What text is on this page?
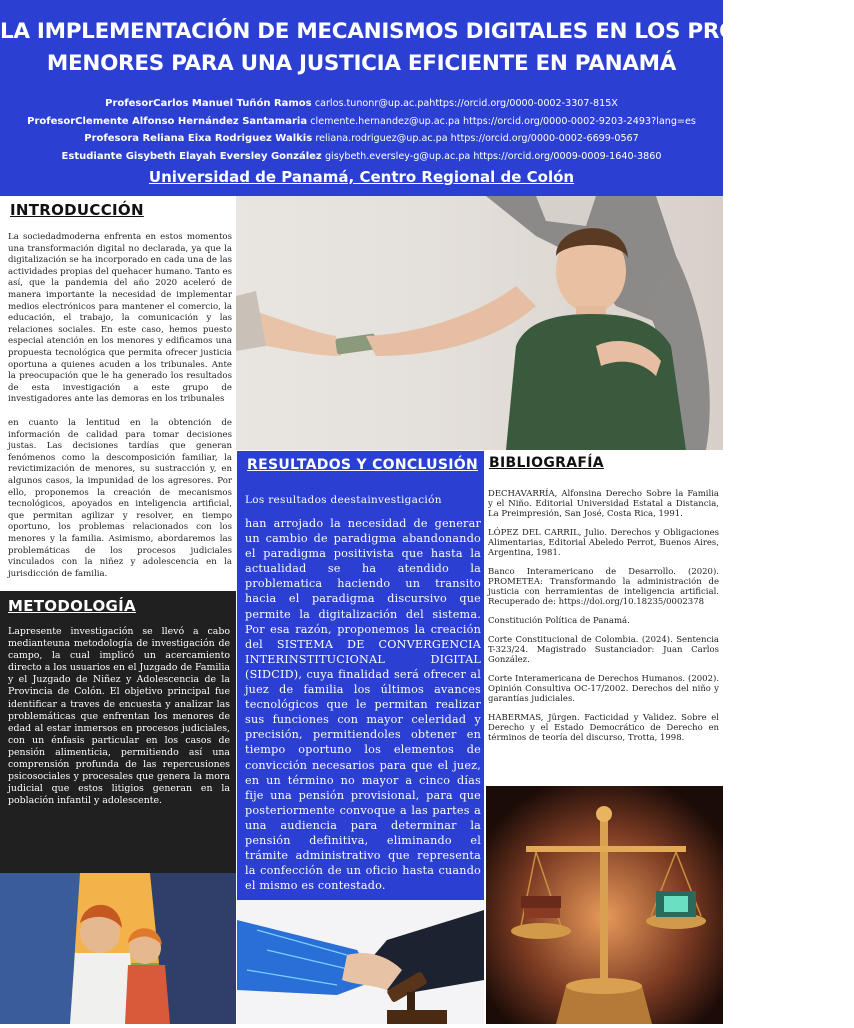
LA IMPLEMENTACIÓN DE MECANISMOS DIGITALES EN LOS PROCESOS DE
MENORES PARA UNA JUSTICIA EFICIENTE EN PANAMÁ
ProfesorCarlos Manuel Tuñón Ramos carlos.tunonr@up.ac.pahttps://orcid.org/0000-0002-3307-815X
ProfesorClemente Alfonso Hernández Santamaria clemente.hernandez@up.ac.pa https://orcid.org/0000-0002-9203-2493?lang=es
Profesora Reliana Eixa Rodriguez Walkis reliana.rodriguez@up.ac.pa https://orcid.org/0000-0002-6699-0567
Estudiante Gisybeth Elayah Eversley González gisybeth.eversley-g@up.ac.pa https://orcid.org/0009-0009-1640-3860
Universidad de Panamá, Centro Regional de Colón
INTRODUCCIÓN
La sociedadmoderna enfrenta en estos momentos una transformación digital no declarada, ya que la digitalización se ha incorporado en cada una de las actividades propias del quehacer humano. Tanto es así, que la pandemia del año 2020 aceleró de manera importante la necesidad de implementar medios electrónicos para mantener el comercio, la educación, el trabajo, la comunicación y las relaciones sociales. En este caso, hemos puesto especial atención en los menores y edificamos una propuesta tecnológica que permita ofrecer justicia oportuna a quienes acuden a los tribunales. Ante la preocupación que le ha generado los resultados de esta investigación a este grupo de investigadores ante las demoras en los tribunales
en cuanto la lentitud en la obtención de información de calidad para tomar decisiones justas. Las decisiones tardías que generan fenómenos como la descomposición familiar, la revictimización de menores, su sustracción y, en algunos casos, la impunidad de los agresores. Por ello, proponemos la creación de mecanismos tecnológicos, apoyados en inteligencia artificial, que permitan agilizar y resolver, en tiempo oportuno, los problemas relacionados con los menores y la familia. Asimismo, abordaremos las problemáticas de los procesos judiciales vinculados con la niñez y adolescencia en la jurisdicción de familia.
METODOLOGÍA
Lapresente investigación se llevó a cabo medianteuna metodología de investigación de campo, la cual implicó un acercamiento directo a los usuarios en el Juzgado de Familia y el Juzgado de Niñez y Adolescencia de la Provincia de Colón. El objetivo principal fue identificar a traves de encuesta y analizar las problemáticas que enfrentan los menores de edad al estar inmersos en procesos judiciales, con un énfasis particular en los casos de pensión alimenticia, permitiendo así una comprensión profunda de las repercusiones psicosociales y procesales que genera la mora judicial que estos litigios generan en la población infantil y adolescente.
RESULTADOS Y CONCLUSIÓN
Los resultados deestainvestigación
han arrojado la necesidad de generar un cambio de paradigma abandonando el paradigma positivista que hasta la actualidad se ha atendido la problematica haciendo un transito hacia el paradigma discursivo que permite la digitalización del sistema. Por esa razón, proponemos la creación del SISTEMA DE CONVERGENCIA INTERINSTITUCIONAL DIGITAL (SIDCID), cuya finalidad será ofrecer al juez de familia los últimos avances tecnológicos que le permitan realizar sus funciones con mayor celeridad y precisión, permitiendoles obtener en tiempo oportuno los elementos de convicción necesarios para que el juez, en un término no mayor a cinco días fije una pensión provisional, para que posteriormente convoque a las partes a una audiencia para determinar la pensión definitiva, eliminando el trámite administrativo que representa la confección de un oficio hasta cuando el mismo es contestado.
BIBLIOGRAFÍA

DECHAVARRÍA, Alfonsina Derecho Sobre la Familia y el Niño. Editorial Universidad Estatal a Distancia, La Preimpresión, San José, Costa Rica, 1991.

LÓPEZ DEL CARRIL, Julio. Derechos y Obligaciones Alimentarias, Editorial Abeledo Perrot, Buenos Aires, Argentina, 1981.

Banco Interamericano de Desarrollo. (2020). PROMETEA: Transformando la administración de justicia con herramientas de inteligencia artificial. Recuperado de: https://doi.org/10.18235/0002378

Constitución Política de Panamá.

Corte Constitucional de Colombia. (2024). Sentencia T-323/24. Magistrado Sustanciador: Juan Carlos González.

Corte Interamericana de Derechos Humanos. (2002). Opinión Consultiva OC-17/2002. Derechos del niño y garantías judiciales.

HABERMAS, Jürgen. Facticidad y Validez. Sobre el Derecho y el Estado Democrático de Derecho en términos de teoría del discurso, Trotta, 1998.
